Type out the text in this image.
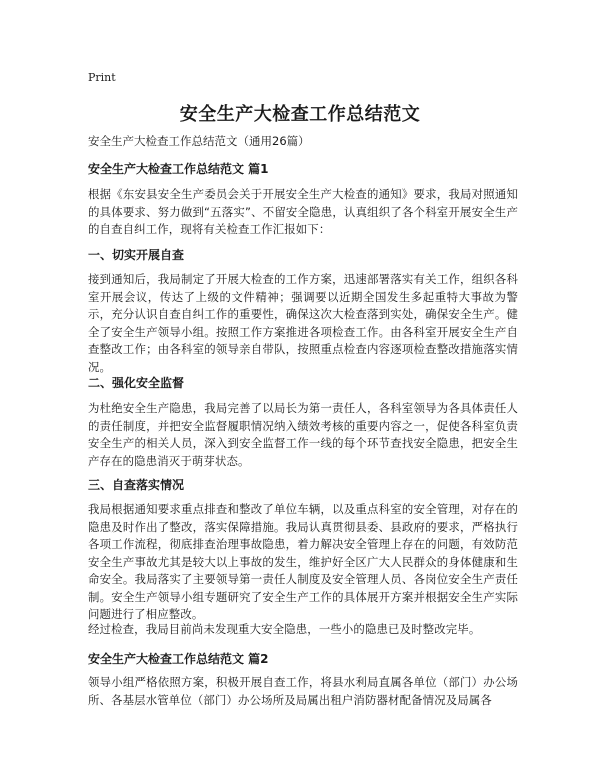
Print
安全生产大检查工作总结范文

安全生产大检查工作总结范文（通用26篇）

安全生产大检查工作总结范文 篇1

根据《东安县安全生产委员会关于开展安全生产大检查的通知》要求，我局对照通知的具体要求、努力做到“五落实”、不留安全隐患，认真组织了各个科室开展安全生产的自查自纠工作，现将有关检查工作汇报如下：

一、切实开展自查

接到通知后，我局制定了开展大检查的工作方案，迅速部署落实有关工作，组织各科室开展会议，传达了上级的文件精神；强调要以近期全国发生多起重特大事故为警示，充分认识自查自纠工作的重要性，确保这次大检查落到实处，确保安全生产。健全了安全生产领导小组。按照工作方案推进各项检查工作。由各科室开展安全生产自查整改工作；由各科室的领导亲自带队，按照重点检查内容逐项检查整改措施落实情况。

二、强化安全监督

为杜绝安全生产隐患，我局完善了以局长为第一责任人，各科室领导为各具体责任人的责任制度，并把安全监督履职情况纳入绩效考核的重要内容之一，促使各科室负责安全生产的相关人员，深入到安全监督工作一线的每个环节查找安全隐患，把安全生产存在的隐患消灭于萌芽状态。

三、自查落实情况

我局根据通知要求重点排查和整改了单位车辆，以及重点科室的安全管理，对存在的隐患及时作出了整改，落实保障措施。我局认真贯彻县委、县政府的要求，严格执行各项工作流程，彻底排查治理事故隐患，着力解决安全管理上存在的问题，有效防范安全生产事故尤其是较大以上事故的发生，维护好全区广大人民群众的身体健康和生命安全。我局落实了主要领导第一责任人制度及安全管理人员、各岗位安全生产责任制。安全生产领导小组专题研究了安全生产工作的具体展开方案并根据安全生产实际问题进行了相应整改。

经过检查，我局目前尚未发现重大安全隐患，一些小的隐患已及时整改完毕。

安全生产大检查工作总结范文 篇2

领导小组严格依照方案，积极开展自查工作，将县水利局直属各单位（部门）办公场所、各基层水管单位（部门）办公场所及局属出租户消防器材配备情况及局属各
